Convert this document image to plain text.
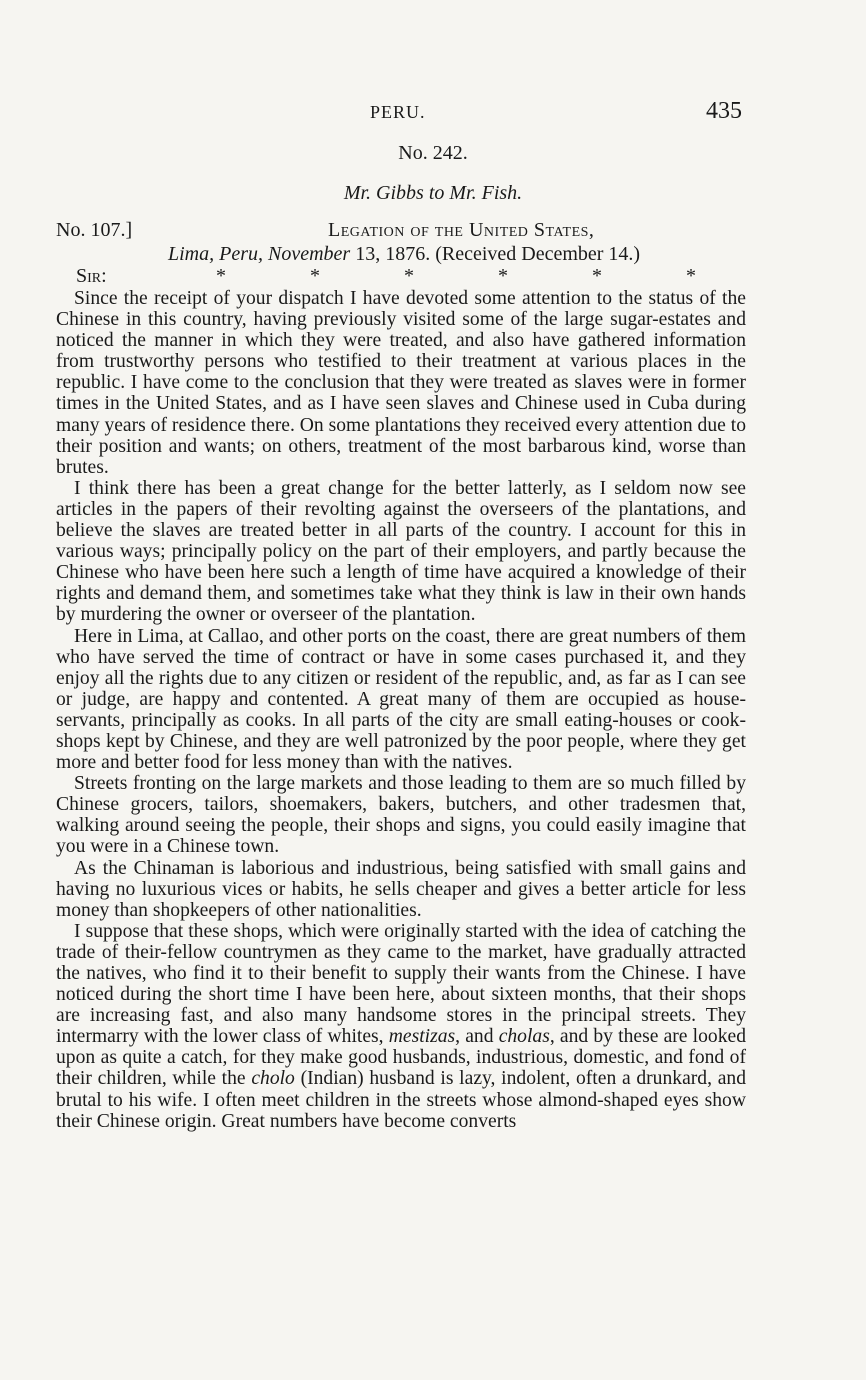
PERU.	435
No. 242.
Mr. Gibbs to Mr. Fish.
No. 107.]	Legation of the United States,
Lima, Peru, November 13, 1876. (Received December 14.)
Sir:	*	*	*	*	*	*

Since the receipt of your dispatch I have devoted some attention to the status of the Chinese in this country, having previously visited some of the large sugar-estates and noticed the manner in which they were treated, and also have gathered information from trustworthy persons who testified to their treatment at various places in the republic. I have come to the conclusion that they were treated as slaves were in former times in the United States, and as I have seen slaves and Chinese used in Cuba during many years of residence there. On some plantations they received every attention due to their position and wants; on others, treatment of the most barbarous kind, worse than brutes.

I think there has been a great change for the better latterly, as I seldom now see articles in the papers of their revolting against the overseers of the plantations, and believe the slaves are treated better in all parts of the country. I account for this in various ways; principally policy on the part of their employers, and partly because the Chinese who have been here such a length of time have acquired a knowledge of their rights and demand them, and sometimes take what they think is law in their own hands by murdering the owner or overseer of the plantation.

Here in Lima, at Callao, and other ports on the coast, there are great numbers of them who have served the time of contract or have in some cases purchased it, and they enjoy all the rights due to any citizen or resident of the republic, and, as far as I can see or judge, are happy and contented. A great many of them are occupied as house-servants, principally as cooks. In all parts of the city are small eating-houses or cook-shops kept by Chinese, and they are well patronized by the poor people, where they get more and better food for less money than with the natives.

Streets fronting on the large markets and those leading to them are so much filled by Chinese grocers, tailors, shoemakers, bakers, butchers, and other tradesmen that, walking around seeing the people, their shops and signs, you could easily imagine that you were in a Chinese town.

As the Chinaman is laborious and industrious, being satisfied with small gains and having no luxurious vices or habits, he sells cheaper and gives a better article for less money than shopkeepers of other nationalities.

I suppose that these shops, which were originally started with the idea of catching the trade of their-fellow countrymen as they came to the market, have gradually attracted the natives, who find it to their benefit to supply their wants from the Chinese. I have noticed during the short time I have been here, about sixteen months, that their shops are increasing fast, and also many handsome stores in the principal streets. They intermarry with the lower class of whites, mestizas, and cholas, and by these are looked upon as quite a catch, for they make good husbands, industrious, domestic, and fond of their children, while the cholo (Indian) husband is lazy, indolent, often a drunkard, and brutal to his wife. I often meet children in the streets whose almond-shaped eyes show their Chinese origin. Great numbers have become converts
